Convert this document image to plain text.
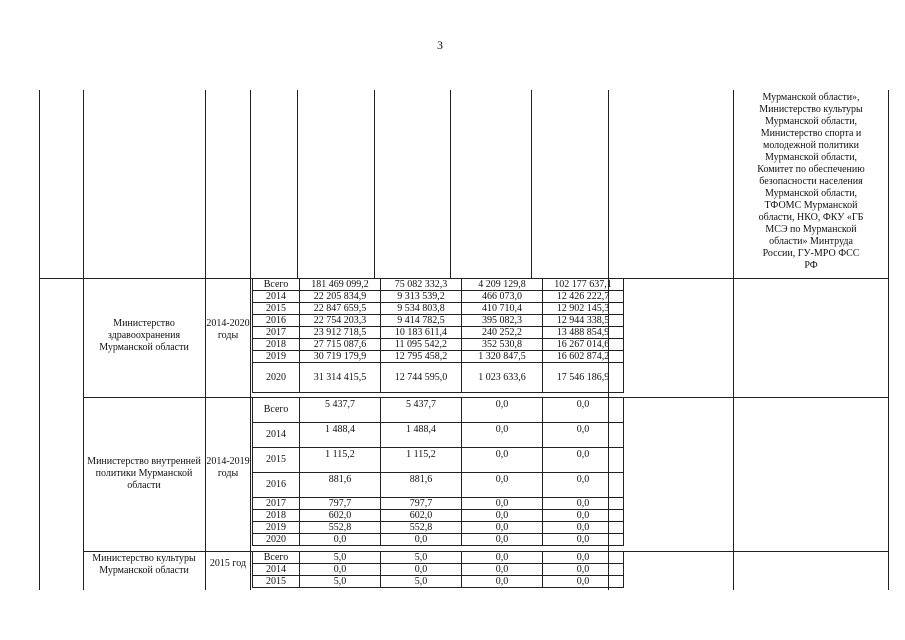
3
Мурманской области»,
Министерство культуры
Мурманской области,
Министерство спорта и
молодежной политики
Мурманской области,
Комитет по обеспечению
безопасности населения
Мурманской области,
ТФОМС Мурманской
области, НКО, ФКУ «ГБ
МСЭ по Мурманской
области» Минтруда
России, ГУ-МРО ФСС
РФ
Министерство здравоохранения Мурманской области
2014-2020 годы
Всего	181 469 099,2	75 082 332,3	4 209 129,8	102 177 637,1
2014	22 205 834,9	9 313 539,2	466 073,0	12 426 222,7
2015	22 847 659,5	9 534 803,8	410 710,4	12 902 145,3
2016	22 754 203,3	9 414 782,5	395 082,3	12 944 338,5
2017	23 912 718,5	10 183 611,4	240 252,2	13 488 854,9
2018	27 715 087,6	11 095 542,2	352 530,8	16 267 014,6
2019	30 719 179,9	12 795 458,2	1 320 847,5	16 602 874,2
2020	31 314 415,5	12 744 595,0	1 023 633,6	17 546 186,9
Министерство внутренней политики Мурманской области
2014-2019 годы
Всего	5 437,7	5 437,7	0,0	0,0
2014	1 488,4	1 488,4	0,0	0,0
2015	1 115,2	1 115,2	0,0	0,0
2016	881,6	881,6	0,0	0,0
2017	797,7	797,7	0,0	0,0
2018	602,0	602,0	0,0	0,0
2019	552,8	552,8	0,0	0,0
2020	0,0	0,0	0,0	0,0
Министерство культуры Мурманской области
2015 год
Всего	5,0	5,0	0,0	0,0
2014	0,0	0,0	0,0	0,0
2015	5,0	5,0	0,0	0,0
